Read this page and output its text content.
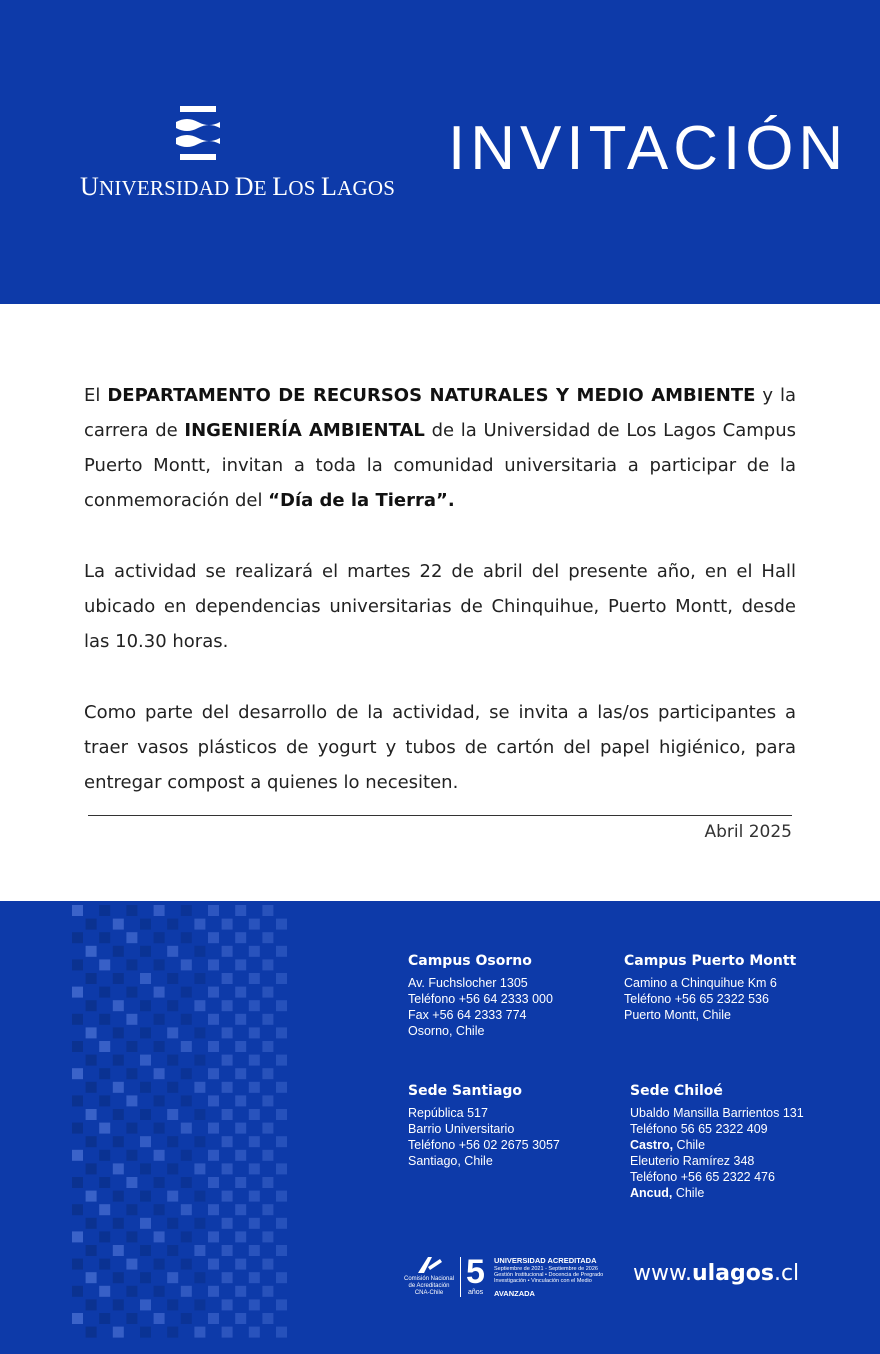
UNIVERSIDAD DE LOS LAGOS
INVITACIÓN

El DEPARTAMENTO DE RECURSOS NATURALES Y MEDIO AMBIENTE y la carrera de INGENIERÍA AMBIENTAL de la Universidad de Los Lagos Campus Puerto Montt, invitan a toda la comunidad universitaria a participar de la conmemoración del “Día de la Tierra”.

La actividad se realizará el martes 22 de abril del presente año, en el Hall ubicado en dependencias universitarias de Chinquihue, Puerto Montt, desde las 10.30 horas.

Como parte del desarrollo de la actividad, se invita a las/os participantes a traer vasos plásticos de yogurt y tubos de cartón del papel higiénico, para entregar compost a quienes lo necesiten.

Abril 2025
Campus Osorno
Av. Fuchslocher 1305
Teléfono +56 64 2333 000
Fax +56 64 2333 774
Osorno, Chile
Campus Puerto Montt
Camino a Chinquihue Km 6
Teléfono +56 65 2322 536
Puerto Montt, Chile
Sede Santiago
República 517
Barrio Universitario
Teléfono +56 02 2675 3057
Santiago, Chile
Sede Chiloé
Ubaldo Mansilla Barrientos 131
Teléfono 56 65 2322 409
Castro, Chile
Eleuterio Ramírez 348
Teléfono +56 65 2322 476
Ancud, Chile
Comisión Nacional
de Acreditación
CNA-Chile
5
años
UNIVERSIDAD ACREDITADA
Septiembre de 2021 - Septiembre de 2026
Gestión Institucional • Docencia de Pregrado
Investigación • Vinculación con el Medio
AVANZADA
www.ulagos.cl
